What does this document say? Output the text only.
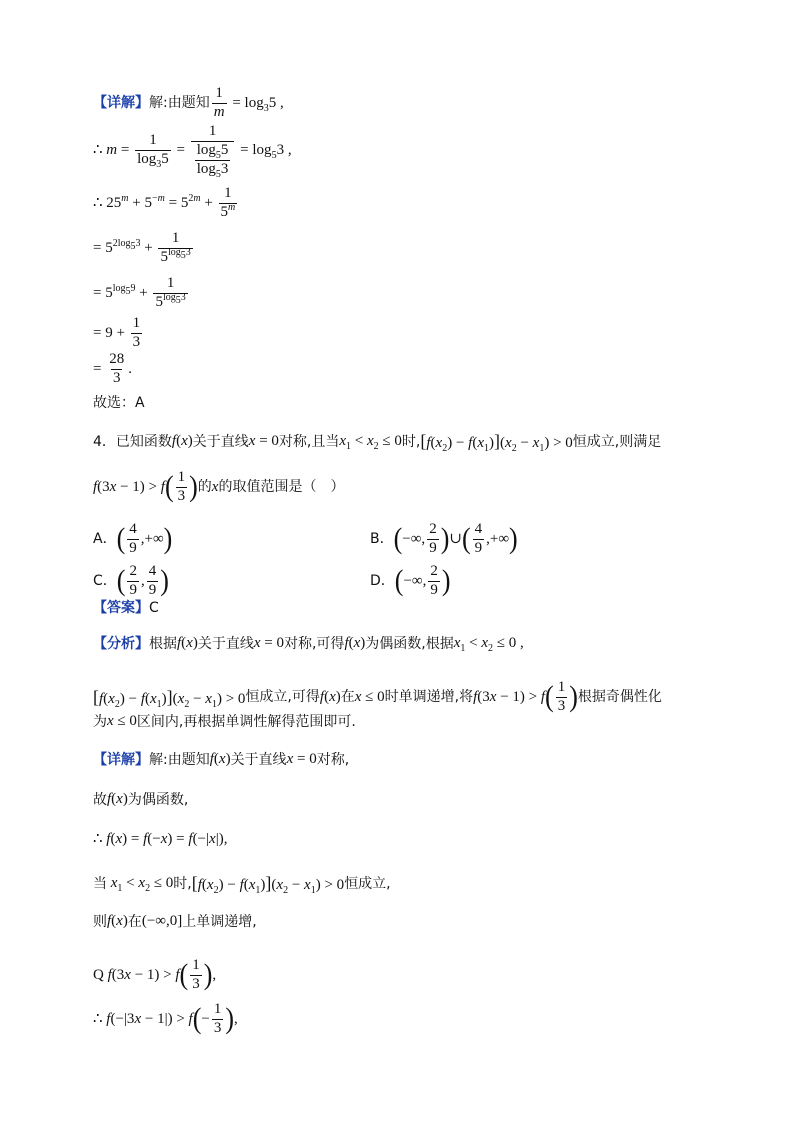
【详解】 解:由题知 $\frac{1}{m} = \log_35$ ,
∴ $m = \frac{1}{\log_35} = \frac{1}{\frac{\log_55}{\log_53}} = \log_53$ ,
∴ $25^m + 5^{-m} = 5^{2m} + \frac{1}{5^m}$
= $5^{2log_53} + \frac{1}{5^{log_53}}$
= $5^{log_59} + \frac{1}{5^{log_53}}$
= $9 + \frac{1}{3}$
= $\frac{28}{3}$ .
故选：A
4．已知函数 f(x) 关于直线 x = 0 对称,且当 $x_1 < x_2 \le 0$ 时, $[f(x_2) - f(x_1)](x_2 - x_1) > 0$ 恒成立,则满足
f(3x − 1) > f ( $\frac{1}{3}$ ) 的 x 的取值范围是（　）
A． ( $\frac{4}{9}$ ,+∞ )	B． ( −∞, $\frac{2}{9}$ ) ∪ ( $\frac{4}{9}$ ,+∞ )
C． ( $\frac{2}{9}$ , $\frac{4}{9}$ )	D． ( −∞, $\frac{2}{9}$ )
【答案】 C
【分析】 根据 f(x) 关于直线 x = 0 对称,可得 f(x) 为偶函数,根据 $x_1 < x_2 \le 0$ ,
$[f(x_2) - f(x_1)](x_2 - x_1) > 0$ 恒成立,可得 f(x) 在 x ≤ 0 时单调递增,将 f(3x − 1) > f ( $\frac{1}{3}$ ) 根据奇偶性化
为 x ≤ 0 区间内,再根据单调性解得范围即可.
【详解】 解:由题知 f(x) 关于直线 x = 0 对称,
故 f(x) 为偶函数,
∴ f(x) = f(−x) = f(−|x|),
当 $x_1 < x_2 \le 0$ 时, $[f(x_2) - f(x_1)](x_2 - x_1) > 0$ 恒成立,
则 f(x) 在 (−∞,0] 上单调递增,
Q f(3x − 1) > f ( $\frac{1}{3}$ ) ,
∴ f(−|3x − 1|) > f ( − $\frac{1}{3}$ ) ,
